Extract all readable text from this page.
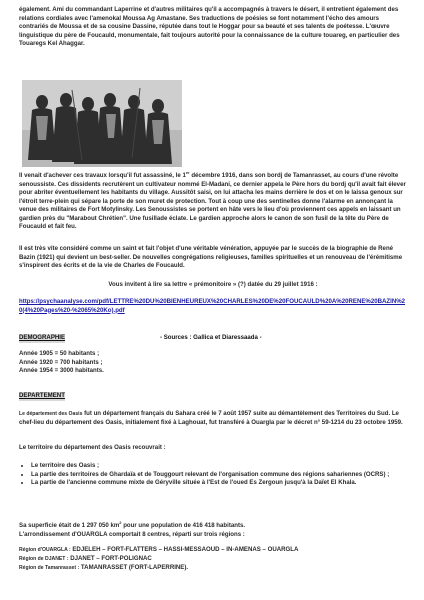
également. Ami du commandant Laperrine et d'autres militaires qu'il a accompagnés à travers le désert, il entretient également des relations cordiales avec l'amenokal Moussa Ag Amastane. Ses traductions de poésies se font notamment l'écho des amours contrariés de Moussa et de sa cousine Dassine, réputée dans tout le Hoggar pour sa beauté et ses talents de poétesse. L'œuvre linguistique du père de Foucauld, monumentale, fait toujours autorité pour la connaissance de la culture touareg, en particulier des Touaregs Kel Ahaggar.

Il venait d'achever ces travaux lorsqu'il fut assassiné, le 1er décembre 1916, dans son bordj de Tamanrasset, au cours d'une révolte senoussiste. Ces dissidents recrutèrent un cultivateur nommé El-Madani, ce dernier appela le Père hors du bordj qu'il avait fait élever pour abriter éventuellement les habitants du village. Aussitôt saisi, on lui attacha les mains derrière le dos et on le laissa genoux sur l'étroit terre-plein qui sépare la porte de son muret de protection. Tout à coup une des sentinelles donne l'alarme en annonçant la venue des militaires de Fort Motylinsky. Les Senoussistes se portent en hâte vers le lieu d'où proviennent ces appels en laissant un gardien près du "Marabout Chrétien". Une fusillade éclate. Le gardien approche alors le canon de son fusil de la tête du Père de Foucauld et fait feu.

Il est très vite considéré comme un saint et fait l'objet d'une véritable vénération, appuyée par le succès de la biographie de René Bazin (1921) qui devient un best-seller. De nouvelles congrégations religieuses, familles spirituelles et un renouveau de l'érémitisme s'inspirent des écrits et de la vie de Charles de Foucauld.

Vous invitent à lire sa lettre « prémonitoire » (?) datée du 29 juillet 1916 :

https://psychaanalyse.com/pdf/LETTRE%20DU%20BIENHEUREUX%20CHARLES%20DE%20FOUCAULD%20A%20RENE%20BAZIN%20(4%20Pages%20-%2065%20Ko).pdf
DEMOGRAPHIE	- Sources : Gallica et Diaressaada -

Année 1905 = 50 habitants ;

Année 1920 = 700 habitants ;

Année 1954 = 3000 habitants.

DEPARTEMENT

Le département des Oasis fut un département français du Sahara créé le 7 août 1957 suite au démantèlement des Territoires du Sud. Le chef-lieu du département des Oasis, initialement fixé à Laghouat, fut transféré à Ouargla par le décret n° 59-1214 du 23 octobre 1959.

Le territoire du département des Oasis recouvrait :

• Le territoire des Oasis ;
• La partie des territoires de Ghardaïa et de Touggourt relevant de l'organisation commune des régions sahariennes (OCRS) ;
• La partie de l'ancienne commune mixte de Géryville située à l'Est de l'oued Es Zergoun jusqu'à la Daïet El Khala.

Sa superficie était de 1 297 050 $km^2$ pour une population de 416 418 habitants.

L'arrondissement d'OUARGLA comportait 8 centres, réparti sur trois régions :

Région d'OUARGLA : EDJELEH – FORT-FLATTERS – HASSI-MESSAOUD – IN-AMENAS – OUARGLA

Région de DJANET : DJANET – FORT-POLIGNAC

Région de Tamanrasset : TAMANRASSET (FORT-LAPERRINE).
